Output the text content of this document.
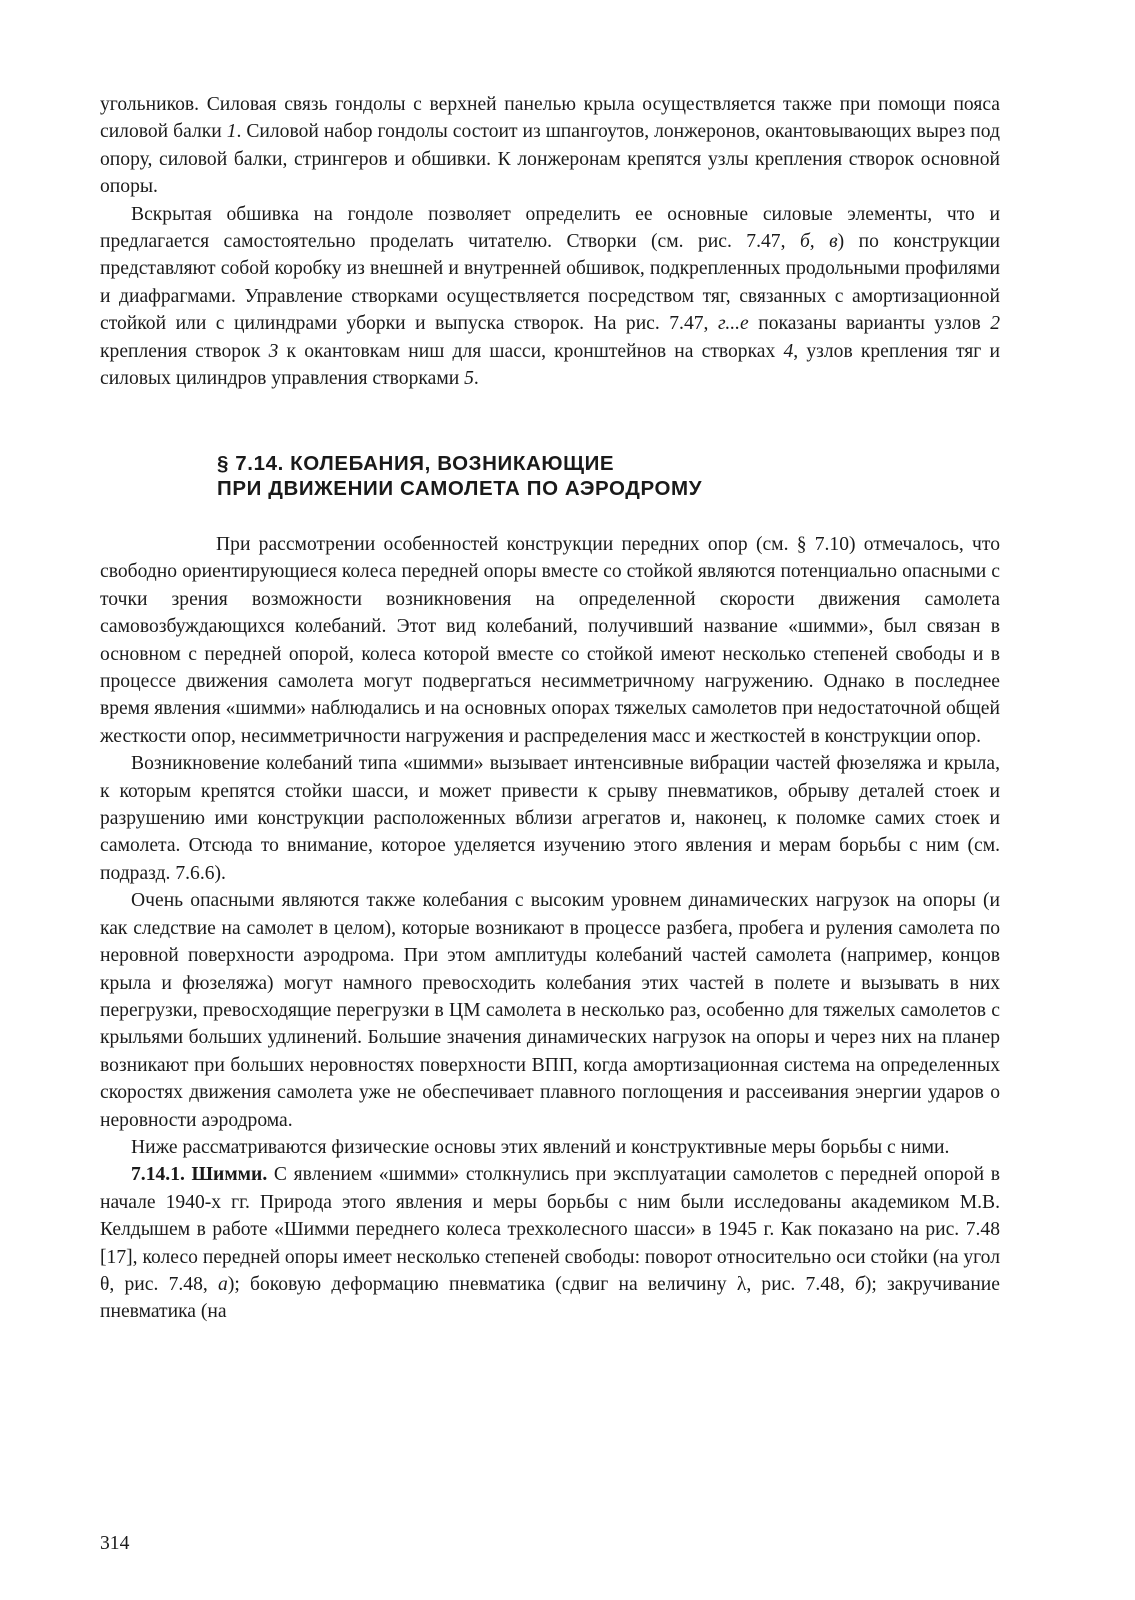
угольников. Силовая связь гондолы с верхней панелью крыла осуществляется также при помощи пояса силовой балки 1. Силовой набор гондолы состоит из шпангоутов, лонжеронов, окантовывающих вырез под опору, силовой балки, стрингеров и обшивки. К лонжеронам крепятся узлы крепления створок основной опоры.

Вскрытая обшивка на гондоле позволяет определить ее основные силовые элементы, что и предлагается самостоятельно проделать читателю. Створки (см. рис. 7.47, б, в) по конструкции представляют собой коробку из внешней и внутренней обшивок, подкрепленных продольными профилями и диафрагмами. Управление створками осуществляется посредством тяг, связанных с амортизационной стойкой или с цилиндрами уборки и выпуска створок. На рис. 7.47, г...е показаны варианты узлов 2 крепления створок 3 к окантовкам ниш для шасси, кронштейнов на створках 4, узлов крепления тяг и силовых цилиндров управления створками 5.

§ 7.14. КОЛЕБАНИЯ, ВОЗНИКАЮЩИЕ
ПРИ ДВИЖЕНИИ САМОЛЕТА ПО АЭРОДРОМУ

При рассмотрении особенностей конструкции передних опор (см. § 7.10) отмечалось, что свободно ориентирующиеся колеса передней опоры вместе со стойкой являются потенциально опасными с точки зрения возможности возникновения на определенной скорости движения самолета самовозбуждающихся колебаний. Этот вид колебаний, получивший название «шимми», был связан в основном с передней опорой, колеса которой вместе со стойкой имеют несколько степеней свободы и в процессе движения самолета могут подвергаться несимметричному нагружению. Однако в последнее время явления «шимми» наблюдались и на основных опорах тяжелых самолетов при недостаточной общей жесткости опор, несимметричности нагружения и распределения масс и жесткостей в конструкции опор.

Возникновение колебаний типа «шимми» вызывает интенсивные вибрации частей фюзеляжа и крыла, к которым крепятся стойки шасси, и может привести к срыву пневматиков, обрыву деталей стоек и разрушению ими конструкции расположенных вблизи агрегатов и, наконец, к поломке самих стоек и самолета. Отсюда то внимание, которое уделяется изучению этого явления и мерам борьбы с ним (см. подразд. 7.6.6).

Очень опасными являются также колебания с высоким уровнем динамических нагрузок на опоры (и как следствие на самолет в целом), которые возникают в процессе разбега, пробега и руления самолета по неровной поверхности аэродрома. При этом амплитуды колебаний частей самолета (например, концов крыла и фюзеляжа) могут намного превосходить колебания этих частей в полете и вызывать в них перегрузки, превосходящие перегрузки в ЦМ самолета в несколько раз, особенно для тяжелых самолетов с крыльями больших удлинений. Большие значения динамических нагрузок на опоры и через них на планер возникают при больших неровностях поверхности ВПП, когда амортизационная система на определенных скоростях движения самолета уже не обеспечивает плавного поглощения и рассеивания энергии ударов о неровности аэродрома.

Ниже рассматриваются физические основы этих явлений и конструктивные меры борьбы с ними.

7.14.1. Шимми. С явлением «шимми» столкнулись при эксплуатации самолетов с передней опорой в начале 1940-х гг. Природа этого явления и меры борьбы с ним были исследованы академиком М.В. Келдышем в работе «Шимми переднего колеса трехколесного шасси» в 1945 г. Как показано на рис. 7.48 [17], колесо передней опоры имеет несколько степеней свободы: поворот относительно оси стойки (на угол θ, рис. 7.48, а); боковую деформацию пневматика (сдвиг на величину λ, рис. 7.48, б); закручивание пневматика (на

314
